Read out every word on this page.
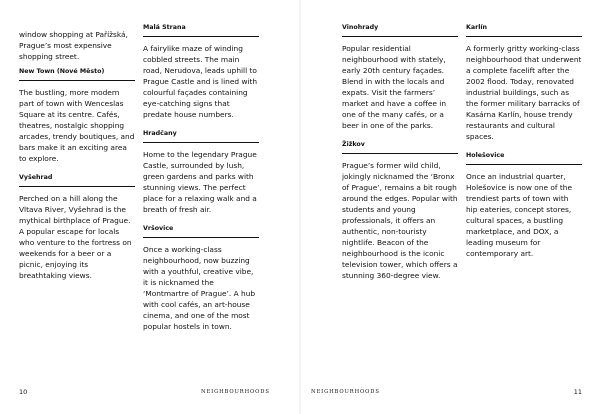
window shopping at Pařížská, Prague’s most expensive shopping street.

New Town (Nové Město)

The bustling, more modern part of town with Wenceslas Square at its centre. Cafés, theatres, nostalgic shopping arcades, trendy boutiques, and bars make it an exciting area to explore.

Vyšehrad

Perched on a hill along the Vltava River, Vyšehrad is the mythical birthplace of Prague. A popular escape for locals who venture to the fortress on weekends for a beer or a picnic, enjoying its breathtaking views.

Malá Strana

A fairylike maze of winding cobbled streets. The main road, Nerudova, leads uphill to Prague Castle and is lined with colourful façades containing eye-catching signs that predate house numbers.

Hradčany

Home to the legendary Prague Castle, surrounded by lush, green gardens and parks with stunning views. The perfect place for a relaxing walk and a breath of fresh air.

Vršovice

Once a working-class neighbourhood, now buzzing with a youthful, creative vibe, it is nicknamed the ‘Montmartre of Prague’. A hub with cool cafés, an art-house cinema, and one of the most popular hostels in town.

Vinohrady

Popular residential neighbourhood with stately, early 20th century façades. Blend in with the locals and expats. Visit the farmers’ market and have a coffee in one of the many cafés, or a beer in one of the parks.

Žižkov

Prague’s former wild child, jokingly nicknamed the ‘Bronx of Prague’, remains a bit rough around the edges. Popular with students and young professionals, it offers an authentic, non-touristy nightlife. Beacon of the neighbourhood is the iconic television tower, which offers a stunning 360-degree view.

Karlín

A formerly gritty working-class neighbourhood that underwent a complete facelift after the 2002 flood. Today, renovated industrial buildings, such as the former military barracks of Kasárna Karlín, house trendy restaurants and cultural spaces.

Holešovice

Once an industrial quarter, Holešovice is now one of the trendiest parts of town with hip eateries, concept stores, cultural spaces, a bustling marketplace, and DOX, a leading museum for contemporary art.

10	NEIGHBOURHOODS	NEIGHBOURHOODS	11
